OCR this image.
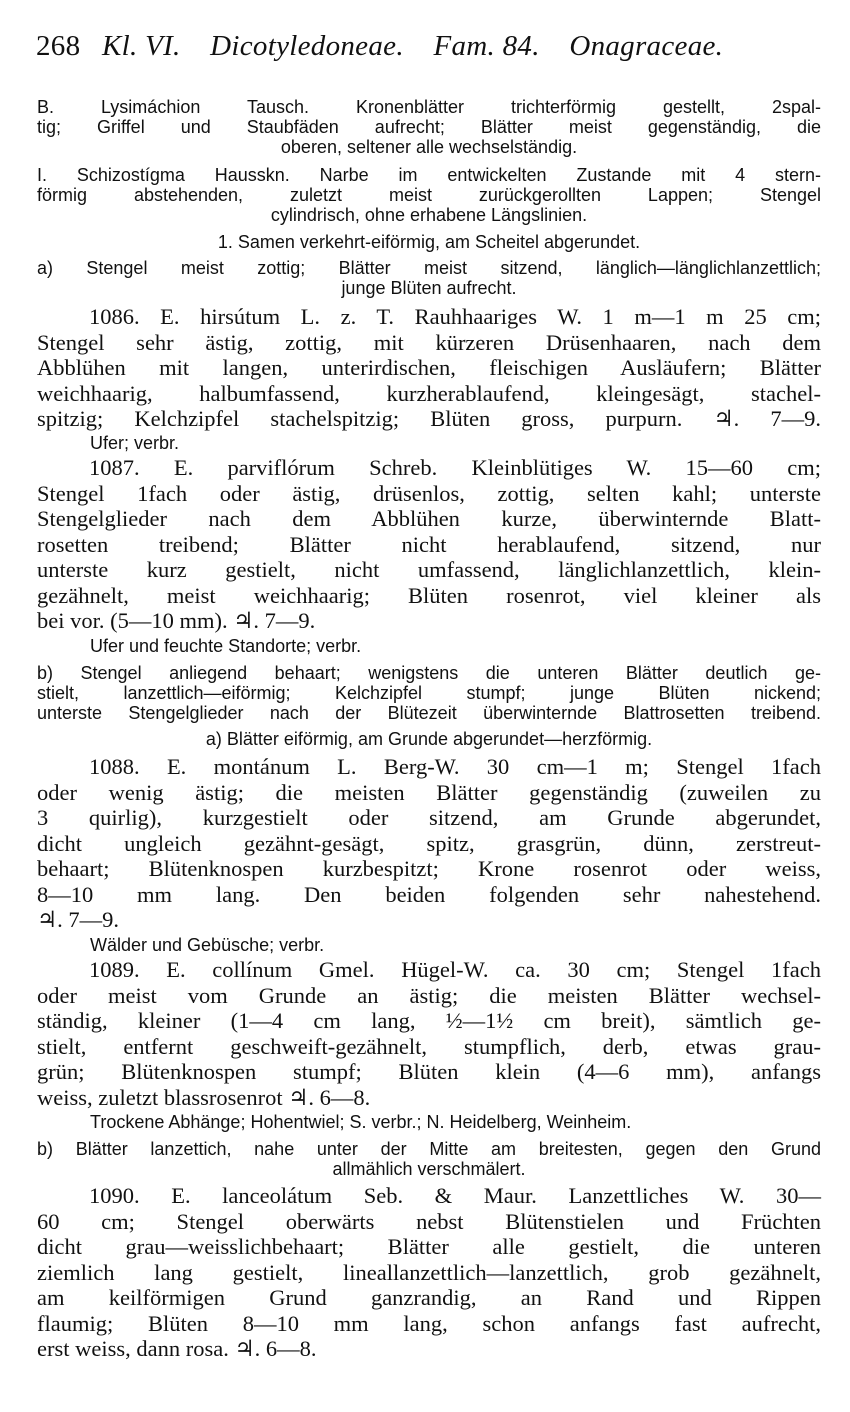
268 Kl. VI. Dicotyledoneae. Fam. 84. Onagraceae.
B. Lysimáchion Tausch. Kronenblätter trichterförmig gestellt, 2spal-
tig; Griffel und Staubfäden aufrecht; Blätter meist gegenständig, die
oberen, seltener alle wechselständig.
I. Schizostígma Hausskn. Narbe im entwickelten Zustande mit 4 stern-
förmig abstehenden, zuletzt meist zurückgerollten Lappen; Stengel
cylindrisch, ohne erhabene Längslinien.
1. Samen verkehrt-eiförmig, am Scheitel abgerundet.
a) Stengel meist zottig; Blätter meist sitzend, länglich—länglichlanzettlich;
junge Blüten aufrecht.
1086. E. hirsútum L. z. T. Rauhhaariges W. 1 m—1 m 25 cm;
Stengel sehr ästig, zottig, mit kürzeren Drüsenhaaren, nach dem
Abblühen mit langen, unterirdischen, fleischigen Ausläufern; Blätter
weichhaarig, halbumfassend, kurzherablaufend, kleingesägt, stachel-
spitzig; Kelchzipfel stachelspitzig; Blüten gross, purpurn. ♃. 7—9.
Ufer; verbr.
1087. E. parviflórum Schreb. Kleinblütiges W. 15—60 cm;
Stengel 1fach oder ästig, drüsenlos, zottig, selten kahl; unterste
Stengelglieder nach dem Abblühen kurze, überwinternde Blatt-
rosetten treibend; Blätter nicht herablaufend, sitzend, nur
unterste kurz gestielt, nicht umfassend, länglichlanzettlich, klein-
gezähnelt, meist weichhaarig; Blüten rosenrot, viel kleiner als
bei vor. (5—10 mm). ♃. 7—9.
Ufer und feuchte Standorte; verbr.
b) Stengel anliegend behaart; wenigstens die unteren Blätter deutlich ge-
stielt, lanzettlich—eiförmig; Kelchzipfel stumpf; junge Blüten nickend;
unterste Stengelglieder nach der Blütezeit überwinternde Blattrosetten treibend.
a) Blätter eiförmig, am Grunde abgerundet—herzförmig.
1088. E. montánum L. Berg-W. 30 cm—1 m; Stengel 1fach
oder wenig ästig; die meisten Blätter gegenständig (zuweilen zu
3 quirlig), kurzgestielt oder sitzend, am Grunde abgerundet,
dicht ungleich gezähnt-gesägt, spitz, grasgrün, dünn, zerstreut-
behaart; Blütenknospen kurzbespitzt; Krone rosenrot oder weiss,
8—10 mm lang. Den beiden folgenden sehr nahestehend.
♃. 7—9.
Wälder und Gebüsche; verbr.
1089. E. collínum Gmel. Hügel-W. ca. 30 cm; Stengel 1fach
oder meist vom Grunde an ästig; die meisten Blätter wechsel-
ständig, kleiner (1—4 cm lang, ½—1½ cm breit), sämtlich ge-
stielt, entfernt geschweift-gezähnelt, stumpflich, derb, etwas grau-
grün; Blütenknospen stumpf; Blüten klein (4—6 mm), anfangs
weiss, zuletzt blassrosenrot ♃. 6—8.
Trockene Abhänge; Hohentwiel; S. verbr.; N. Heidelberg, Weinheim.
b) Blätter lanzettich, nahe unter der Mitte am breitesten, gegen den Grund
allmählich verschmälert.
1090. E. lanceolátum Seb. & Maur. Lanzettliches W. 30—
60 cm; Stengel oberwärts nebst Blütenstielen und Früchten
dicht grau—weisslichbehaart; Blätter alle gestielt, die unteren
ziemlich lang gestielt, lineallanzettlich—lanzettlich, grob gezähnelt,
am keilförmigen Grund ganzrandig, an Rand und Rippen
flaumig; Blüten 8—10 mm lang, schon anfangs fast aufrecht,
erst weiss, dann rosa. ♃. 6—8.
